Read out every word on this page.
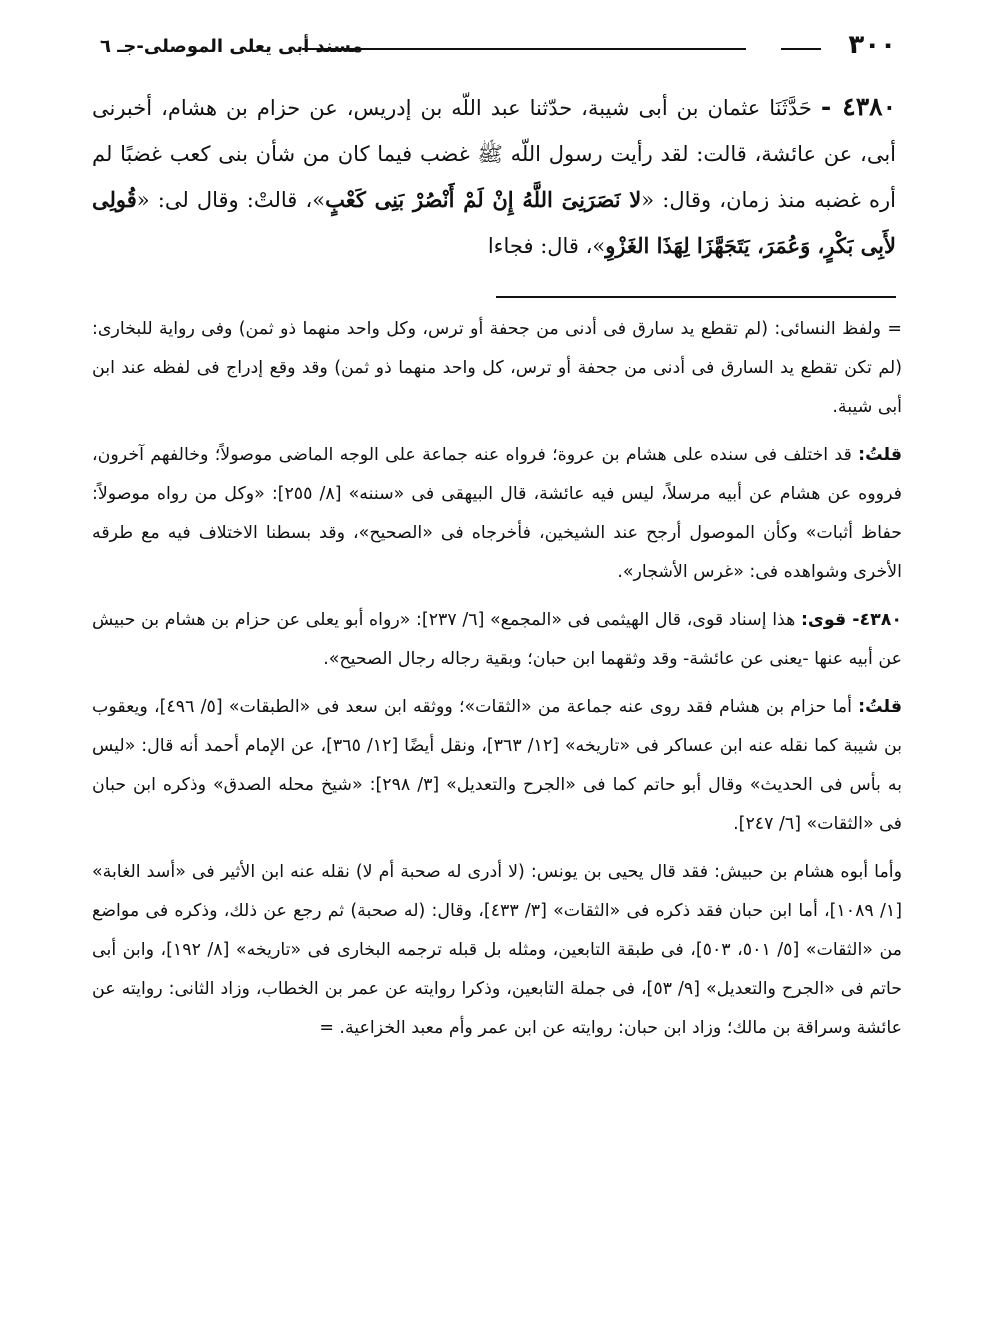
٣٠٠
مسند أبى يعلى الموصلى-جـ ٦

٤٣٨٠ - حَدَّثَنَا عثمان بن أبى شيبة، حدّثنا عبد اللّه بن إدريس، عن حزام بن هشام، أخبرنى أبى، عن عائشة، قالت: لقد رأيت رسول اللّه ﷺ غضب فيما كان من شأن بنى كعب غضبًا لم أره غضبه منذ زمان، وقال: «لا نَصَرَنِىَ اللَّهُ إِنْ لَمْ أَنْصُرْ بَنِى كَعْبٍ»، قالتْ: وقال لى: «قُولِى لأَبِى بَكْرٍ، وَعُمَرَ، يَتَجَهَّزَا لِهَذَا الغَزْوِ»، قال: فجاءا

= ولفظ النسائى: (لم تقطع يد سارق فى أدنى من جحفة أو ترس، وكل واحد منهما ذو ثمن) وفى رواية للبخارى: (لم تكن تقطع يد السارق فى أدنى من جحفة أو ترس، كل واحد منهما ذو ثمن) وقد وقع إدراج فى لفظه عند ابن أبى شيبة.

قلتُ: قد اختلف فى سنده على هشام بن عروة؛ فرواه عنه جماعة على الوجه الماضى موصولاً؛ وخالفهم آخرون، فرووه عن هشام عن أبيه مرسلاً، ليس فيه عائشة، قال البيهقى فى «سننه» [٨/ ٢٥٥]: «وكل من رواه موصولاً: حفاظ أثبات» وكأن الموصول أرجح عند الشيخين، فأخرجاه فى «الصحيح»، وقد بسطنا الاختلاف فيه مع طرقه الأخرى وشواهده فى: «غرس الأشجار».

٤٣٨٠- قوى: هذا إسناد قوى، قال الهيثمى فى «المجمع» [٦/ ٢٣٧]: «رواه أبو يعلى عن حزام بن هشام بن حبيش عن أبيه عنها -يعنى عن عائشة- وقد وثقهما ابن حبان؛ وبقية رجاله رجال الصحيح».

قلتُ: أما حزام بن هشام فقد روى عنه جماعة من «الثقات»؛ ووثقه ابن سعد فى «الطبقات» [٥/ ٤٩٦]، ويعقوب بن شيبة كما نقله عنه ابن عساكر فى «تاريخه» [١٢/ ٣٦٣]، ونقل أيضًا [١٢/ ٣٦٥]، عن الإمام أحمد أنه قال: «ليس به بأس فى الحديث» وقال أبو حاتم كما فى «الجرح والتعديل» [٣/ ٢٩٨]: «شيخ محله الصدق» وذكره ابن حبان فى «الثقات» [٦/ ٢٤٧].

وأما أبوه هشام بن حبيش: فقد قال يحيى بن يونس: (لا أدرى له صحبة أم لا) نقله عنه ابن الأثير فى «أسد الغابة» [١/ ١٠٨٩]، أما ابن حبان فقد ذكره فى «الثقات» [٣/ ٤٣٣]، وقال: (له صحبة) ثم رجع عن ذلك، وذكره فى مواضع من «الثقات» [٥/ ٥٠١، ٥٠٣]، فى طبقة التابعين، ومثله بل قبله ترجمه البخارى فى «تاريخه» [٨/ ١٩٢]، وابن أبى حاتم فى «الجرح والتعديل» [٩/ ٥٣]، فى جملة التابعين، وذكرا روايته عن عمر بن الخطاب، وزاد الثانى: روايته عن عائشة وسراقة بن مالك؛ وزاد ابن حبان: روايته عن ابن عمر وأم معبد الخزاعية. =
